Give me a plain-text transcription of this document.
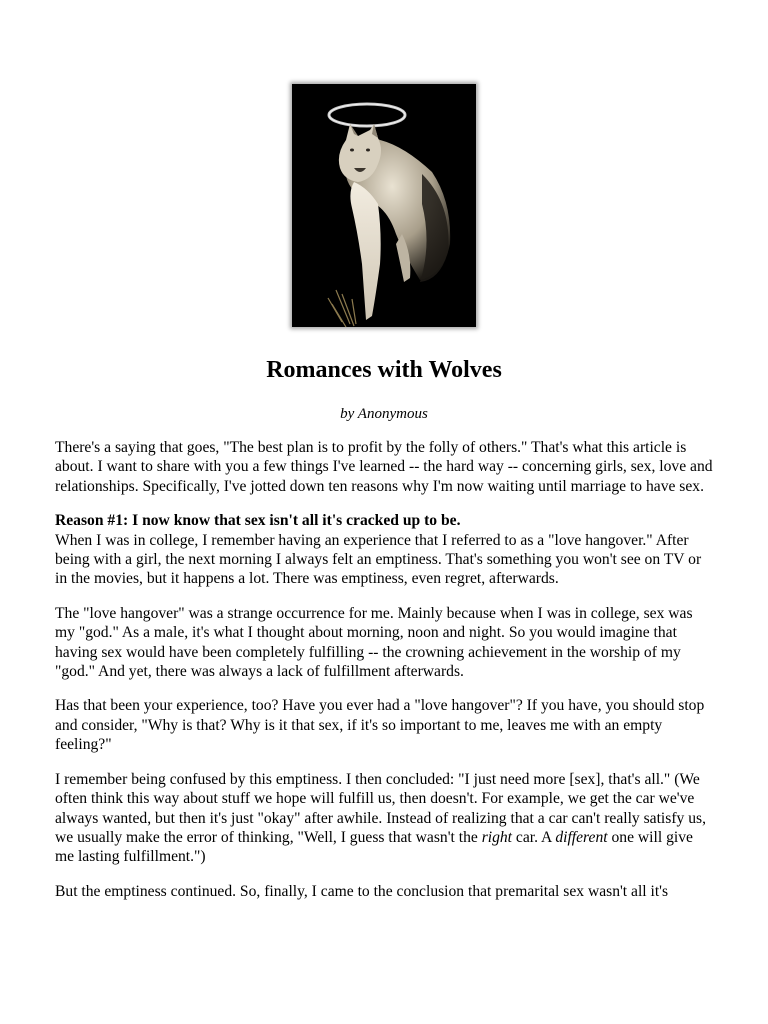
Romances with Wolves
by Anonymous

There's a saying that goes, "The best plan is to profit by the folly of others." That's what this article is about. I want to share with you a few things I've learned -- the hard way -- concerning girls, sex, love and relationships. Specifically, I've jotted down ten reasons why I'm now waiting until marriage to have sex.

Reason #1: I now know that sex isn't all it's cracked up to be.
When I was in college, I remember having an experience that I referred to as a "love hangover." After being with a girl, the next morning I always felt an emptiness. That's something you won't see on TV or in the movies, but it happens a lot. There was emptiness, even regret, afterwards.

The "love hangover" was a strange occurrence for me. Mainly because when I was in college, sex was my "god." As a male, it's what I thought about morning, noon and night. So you would imagine that having sex would have been completely fulfilling -- the crowning achievement in the worship of my "god." And yet, there was always a lack of fulfillment afterwards.

Has that been your experience, too? Have you ever had a "love hangover"? If you have, you should stop and consider, "Why is that? Why is it that sex, if it's so important to me, leaves me with an empty feeling?"

I remember being confused by this emptiness. I then concluded: "I just need more [sex], that's all." (We often think this way about stuff we hope will fulfill us, then doesn't. For example, we get the car we've always wanted, but then it's just "okay" after awhile. Instead of realizing that a car can't really satisfy us, we usually make the error of thinking, "Well, I guess that wasn't the right car. A different one will give me lasting fulfillment.")

But the emptiness continued. So, finally, I came to the conclusion that premarital sex wasn't all it's
